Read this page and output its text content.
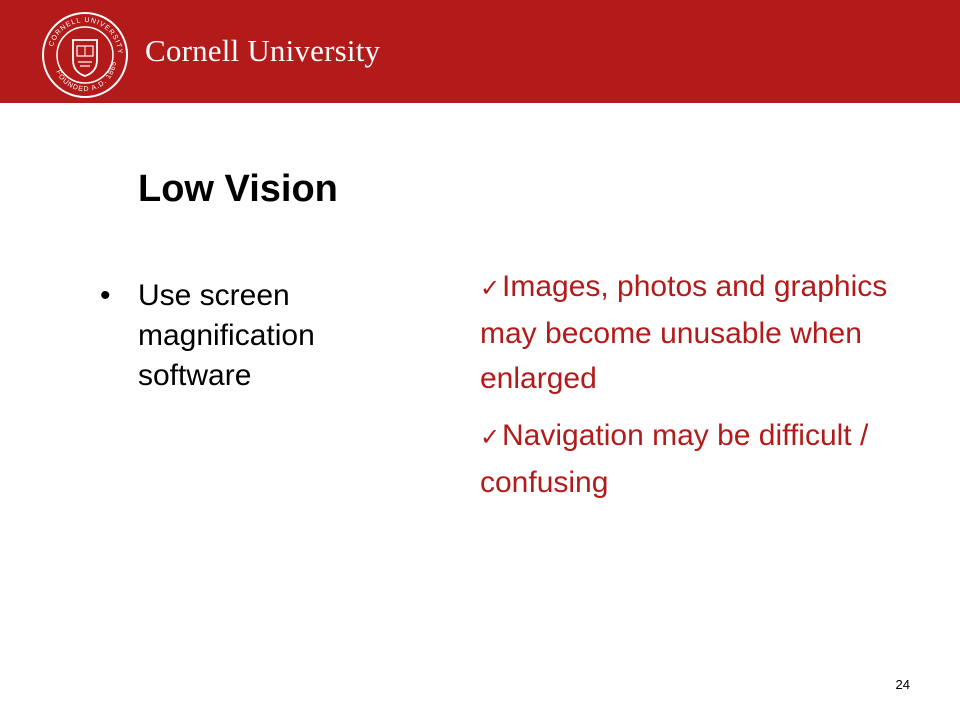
CORNELL UNIVERSITY
FOUNDED A.D. 1865 Cornell University
Low Vision
• Use screen magnification software
✓Images, photos and graphics may become unusable when enlarged
✓Navigation may be difficult / confusing
24
